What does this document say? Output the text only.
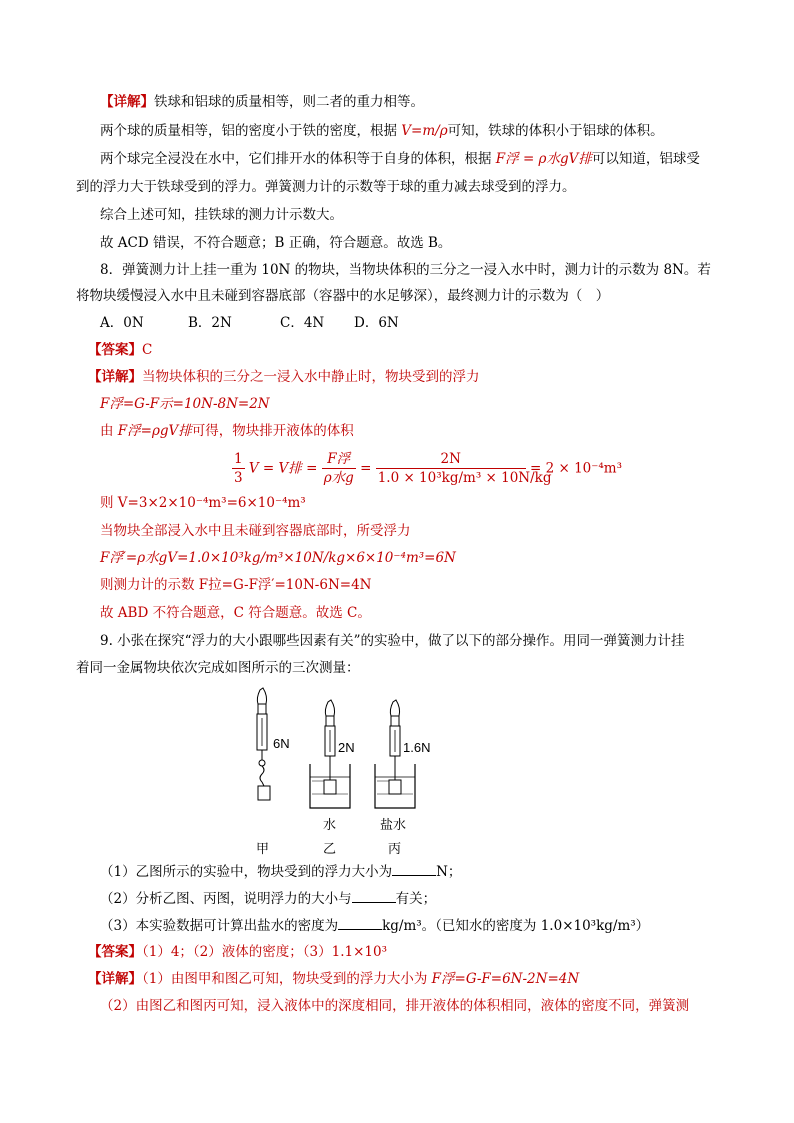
【详解】铁球和铝球的质量相等，则二者的重力相等。
两个球的质量相等，铝的密度小于铁的密度，根据 V=m/ρ可知，铁球的体积小于铝球的体积。
两个球完全浸没在水中，它们排开水的体积等于自身的体积，根据 F浮 = ρ水gV排可以知道，铝球受
到的浮力大于铁球受到的浮力。弹簧测力计的示数等于球的重力减去球受到的浮力。
综合上述可知，挂铁球的测力计示数大。
故 ACD 错误，不符合题意；B 正确，符合题意。故选 B。
8．弹簧测力计上挂一重为 10N 的物块，当物块体积的三分之一浸入水中时，测力计的示数为 8N。若
将物块缓慢浸入水中且未碰到容器底部（容器中的水足够深），最终测力计的示数为（　）
A．0N	B．2N	C．4N D．6N
【答案】C
【详解】当物块体积的三分之一浸入水中静止时，物块受到的浮力
F浮=G-F示=10N-8N=2N
由 F浮=ρgV排可得，物块排开液体的体积
$\frac{1}{3}$ V = V排 = $\frac{\text{F浮}}{\text{ρ水g}} = \frac{2N}{\text{1.0 × 10³kg/m³ × 10N/kg}} = 2 \times 10^{-4}m^3$
则 V=3×2×10⁻⁴m³=6×10⁻⁴m³
当物块全部浸入水中且未碰到容器底部时，所受浮力
F浮′=ρ水gV=1.0×10³kg/m³×10N/kg×6×10⁻⁴m³=6N
则测力计的示数 F拉=G-F浮′=10N-6N=4N
故 ABD 不符合题意，C 符合题意。故选 C。
9. 小张在探究“浮力的大小跟哪些因素有关”的实验中，做了以下的部分操作。用同一弹簧测力计挂
着同一金属物块依次完成如图所示的三次测量：
6N	2N	1.6N
水	盐水
甲	乙	丙
（1）乙图所示的实验中，物块受到的浮力大小为	N；
（2）分析乙图、丙图，说明浮力的大小与	有关；
（3）本实验数据可计算出盐水的密度为	kg/m³。（已知水的密度为 1.0×10³kg/m³）
【答案】（1）4；（2）液体的密度；（3）1.1×10³
【详解】（1）由图甲和图乙可知，物块受到的浮力大小为 F浮=G-F=6N-2N=4N
（2）由图乙和图丙可知，浸入液体中的深度相同，排开液体的体积相同，液体的密度不同，弹簧测
